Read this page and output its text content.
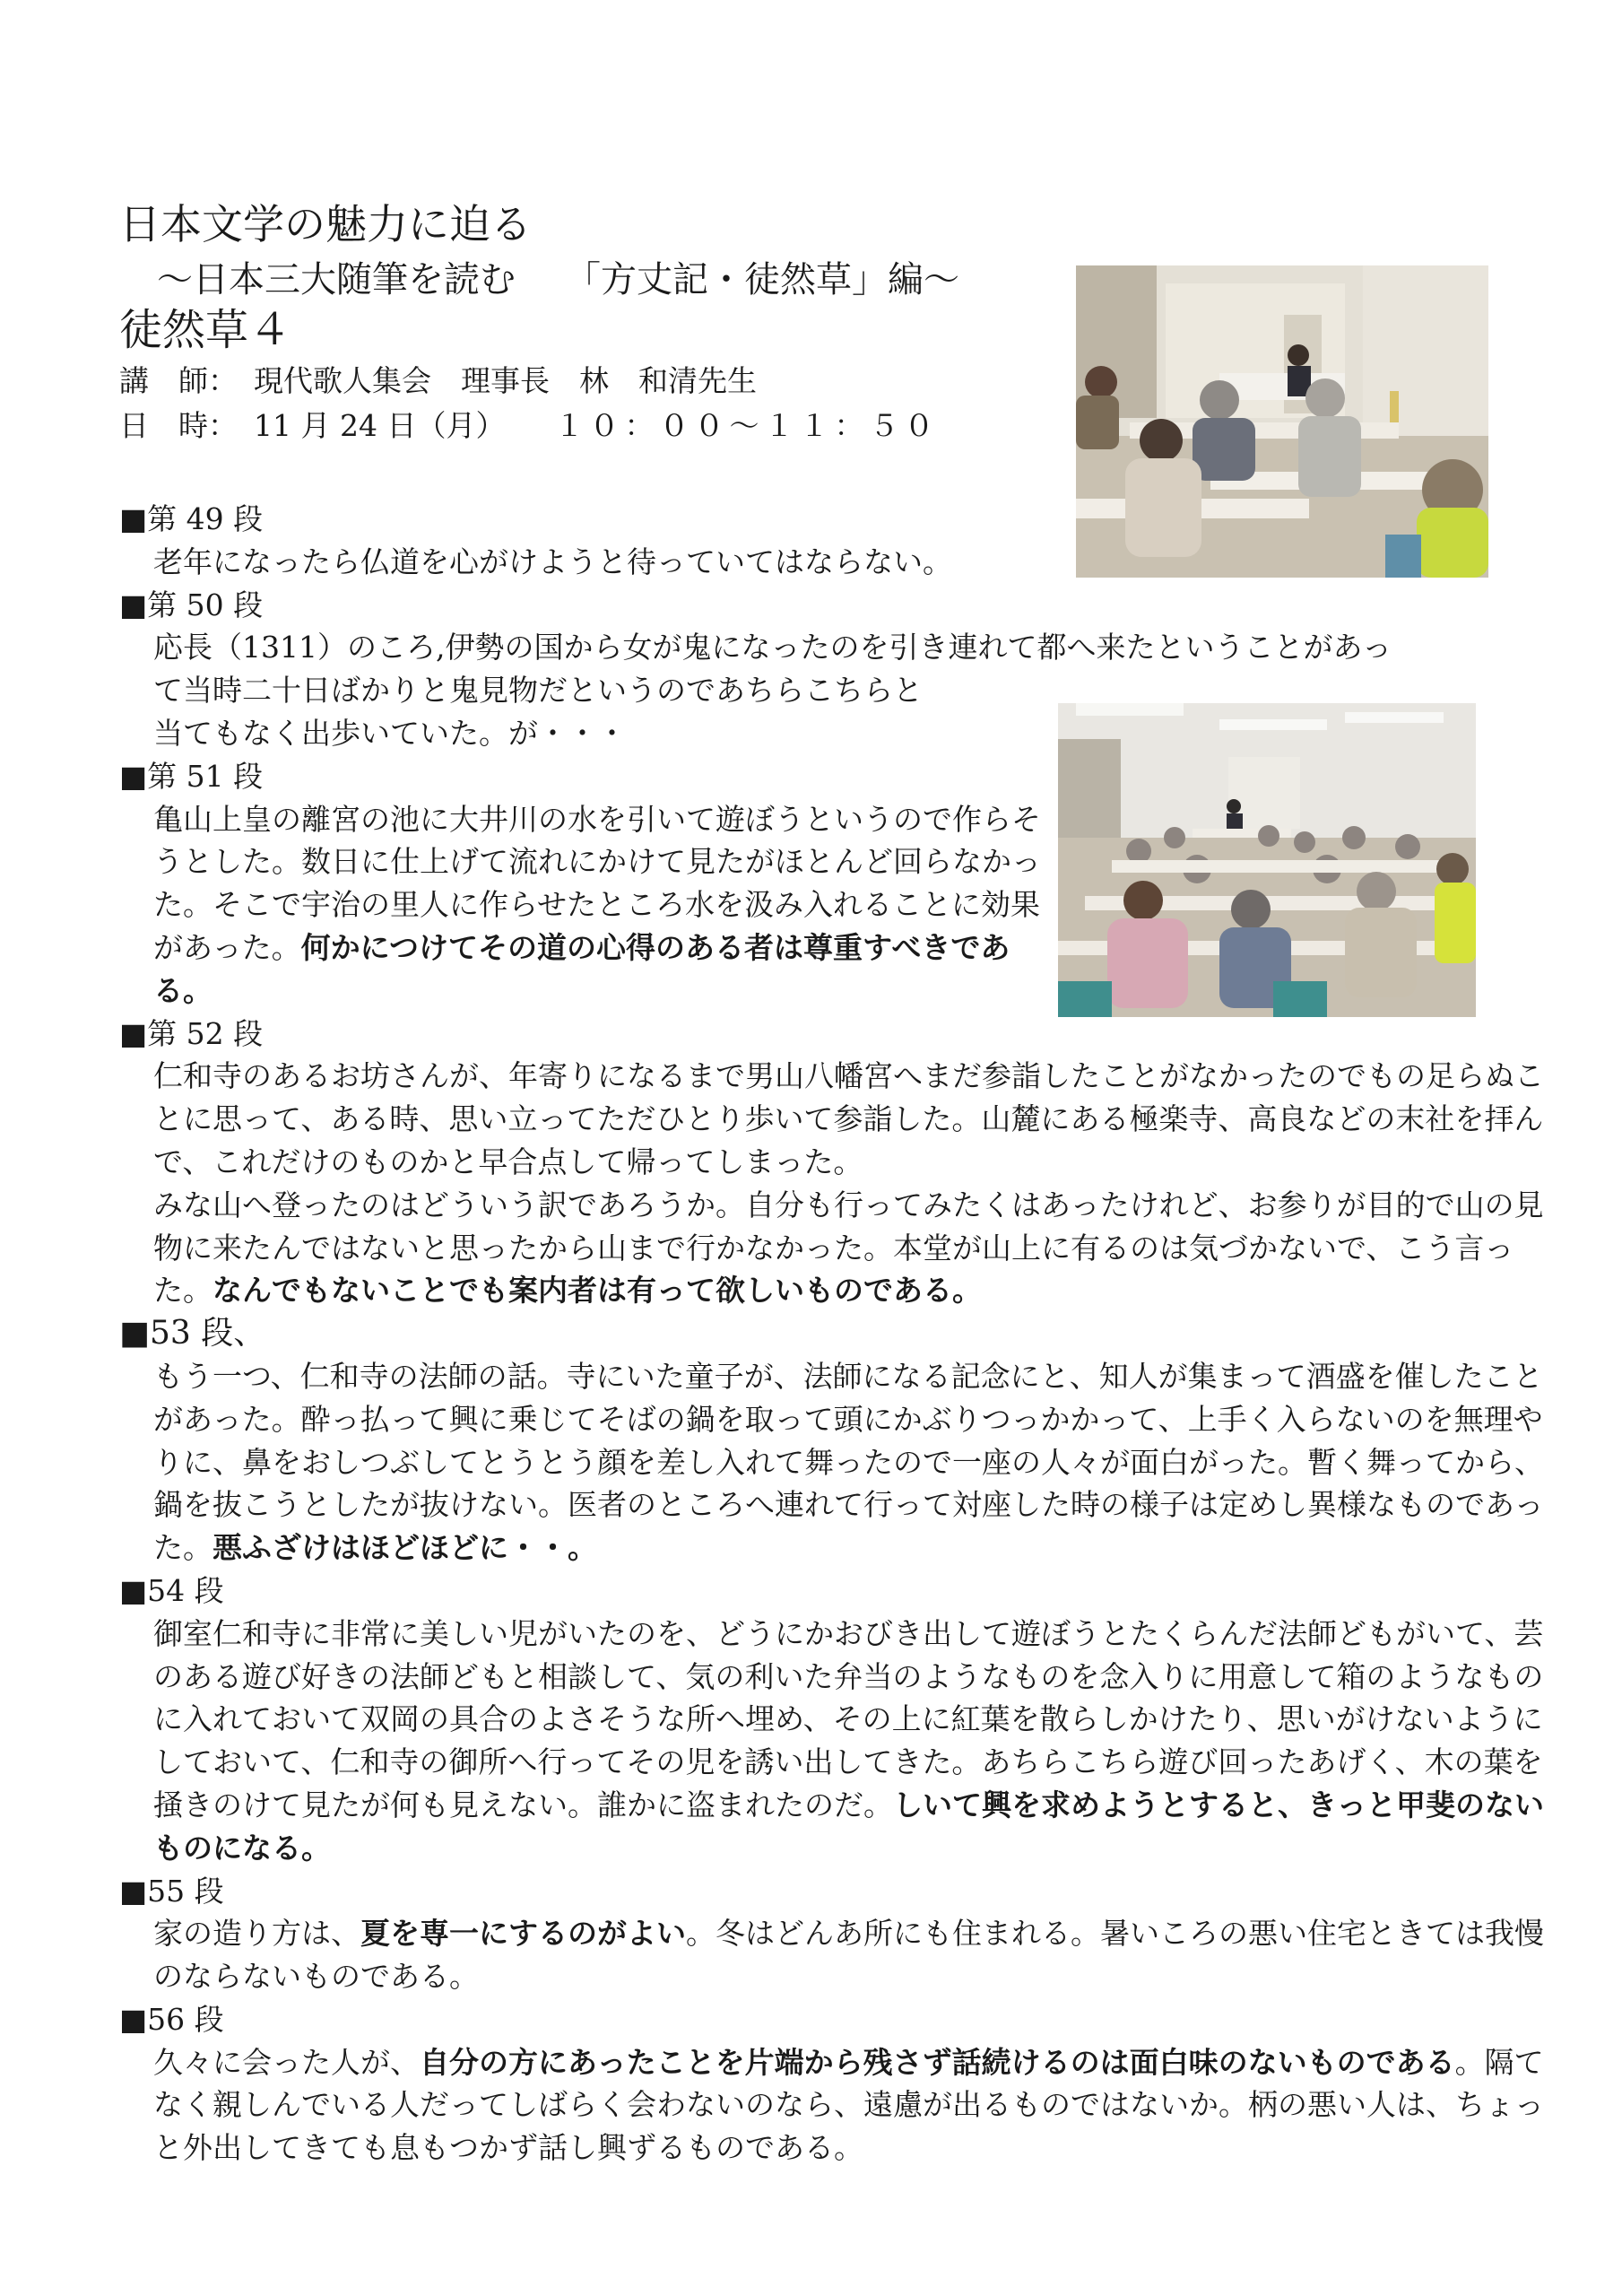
日本文学の魅力に迫る
～日本三大随筆を読む 「方丈記・徒然草」編～
徒然草４
講　師： 現代歌人集会　理事長　林　和清先生
日　時： 11 月 24 日（月） １０：００～１１：５０

■第 49 段

老年になったら仏道を心がけようと待っていてはならない。

■第 50 段

応長（1311）のころ,伊勢の国から女が鬼になったのを引き連れて都へ来たということがあっ

て当時二十日ばかりと鬼見物だというのであちらこちらと

当てもなく出歩いていた。が・・・

■第 51 段

亀山上皇の離宮の池に大井川の水を引いて遊ぼうというので作らそうとした。数日に仕上げて流れにかけて見たがほとんど回らなかった。そこで宇治の里人に作らせたところ水を汲み入れることに効果があった。何かにつけてその道の心得のある者は尊重すべきである。

■第 52 段

仁和寺のあるお坊さんが、年寄りになるまで男山八幡宮へまだ参詣したことがなかったのでもの足らぬことに思って、ある時、思い立ってただひとり歩いて参詣した。山麓にある極楽寺、高良などの末社を拝んで、これだけのものかと早合点して帰ってしまった。

みな山へ登ったのはどういう訳であろうか。自分も行ってみたくはあったけれど、お参りが目的で山の見物に来たんではないと思ったから山まで行かなかった。本堂が山上に有るのは気づかないで、こう言った。なんでもないことでも案内者は有って欲しいものである。

■53 段、

もう一つ、仁和寺の法師の話。寺にいた童子が、法師になる記念にと、知人が集まって酒盛を催したことがあった。酔っ払って興に乗じてそばの鍋を取って頭にかぶりつっかかって、上手く入らないのを無理やりに、鼻をおしつぶしてとうとう顔を差し入れて舞ったので一座の人々が面白がった。暫く舞ってから、鍋を抜こうとしたが抜けない。医者のところへ連れて行って対座した時の様子は定めし異様なものであった。悪ふざけはほどほどに・・。

■54 段

御室仁和寺に非常に美しい児がいたのを、どうにかおびき出して遊ぼうとたくらんだ法師どもがいて、芸のある遊び好きの法師どもと相談して、気の利いた弁当のようなものを念入りに用意して箱のようなものに入れておいて双岡の具合のよさそうな所へ埋め、その上に紅葉を散らしかけたり、思いがけないようにしておいて、仁和寺の御所へ行ってその児を誘い出してきた。あちらこちら遊び回ったあげく、木の葉を掻きのけて見たが何も見えない。誰かに盗まれたのだ。しいて興を求めようとすると、きっと甲斐のないものになる。

■55 段

家の造り方は、夏を専一にするのがよい。冬はどんあ所にも住まれる。暑いころの悪い住宅ときては我慢のならないものである。

■56 段

久々に会った人が、自分の方にあったことを片端から残さず話続けるのは面白味のないものである。隔てなく親しんでいる人だってしばらく会わないのなら、遠慮が出るものではないか。柄の悪い人は、ちょっと外出してきても息もつかず話し興ずるものである。
